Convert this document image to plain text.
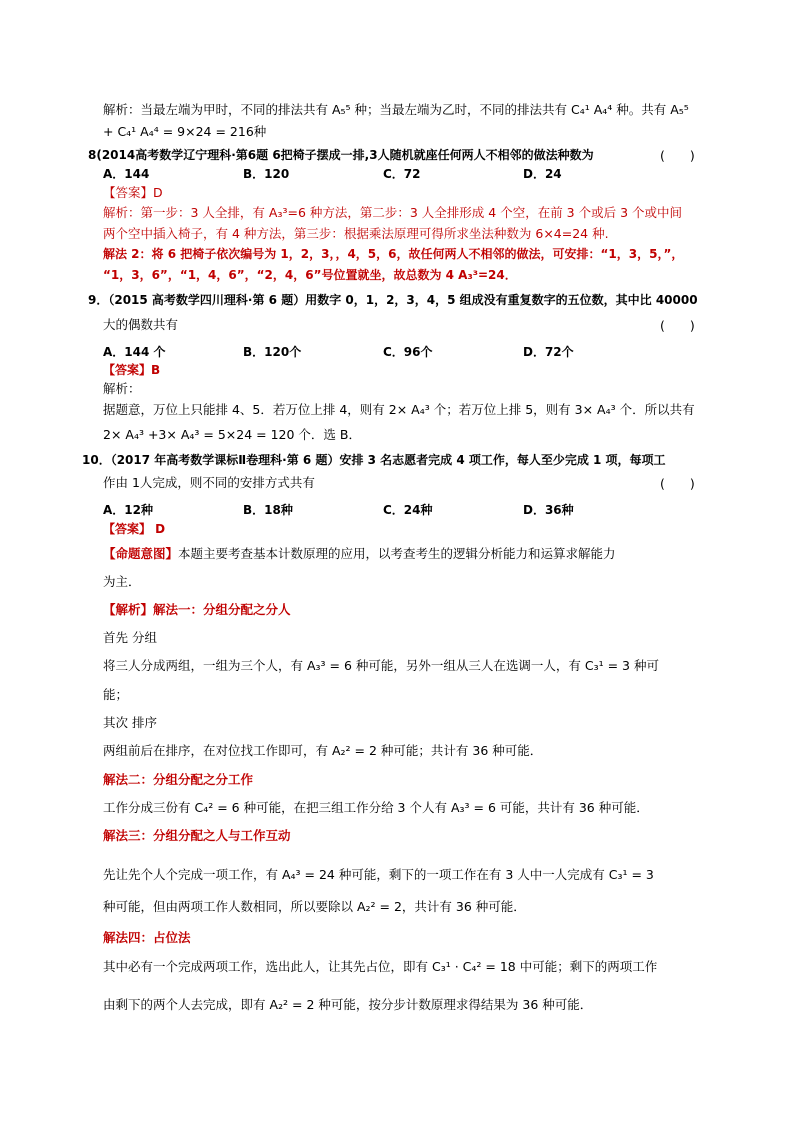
解析：当最左端为甲时，不同的排法共有 A₅⁵ 种；当最左端为乙时，不同的排法共有 C₄¹ A₄⁴ 种。共有 A₅⁵
+ C₄¹ A₄⁴ = 9×24 = 216种
8(2014高考数学辽宁理科·第6题 6把椅子摆成一排,3人随机就座任何两人不相邻的做法种数为	(　　)
A．144	B．120	C．72	D．24
【答案】D
解析：第一步：3 人全排，有 A₃³=6 种方法，第二步：3 人全排形成 4 个空，在前 3 个或后 3 个或中间
两个空中插入椅子，有 4 种方法，第三步：根据乘法原理可得所求坐法种数为 6×4=24 种.
解法 2：将 6 把椅子依次编号为 1，2，3，，4，5，6，故任何两人不相邻的做法，可安排：“1，3，5，”，
“1，3，6”，“1，4，6”，“2，4，6”号位置就坐，故总数为 4 A₃³=24．
9．（2015 高考数学四川理科·第 6 题）用数字 0，1，2，3，4，5 组成没有重复数字的五位数，其中比 40000
大的偶数共有	(　　)
A．144 个	B．120个	C．96个	D．72个
【答案】B
解析：
据题意，万位上只能排 4、5．若万位上排 4，则有 2× A₄³ 个；若万位上排 5，则有 3× A₄³ 个．所以共有
2× A₄³ +3× A₄³ = 5×24 = 120 个．选 B．
10．（2017 年高考数学课标Ⅱ卷理科·第 6 题）安排 3 名志愿者完成 4 项工作，每人至少完成 1 项，每项工
作由 1人完成，则不同的安排方式共有	(　　)
A．12种	B．18种	C．24种	D．36种
【答案】 D
【命题意图】本题主要考查基本计数原理的应用，以考查考生的逻辑分析能力和运算求解能力
为主．
【解析】解法一：分组分配之分人
首先 分组
将三人分成两组，一组为三个人，有 A₃³ = 6 种可能，另外一组从三人在选调一人，有 C₃¹ = 3 种可
能；
其次 排序
两组前后在排序，在对位找工作即可，有 A₂² = 2 种可能；共计有 36 种可能．
解法二：分组分配之分工作
工作分成三份有 C₄² = 6 种可能，在把三组工作分给 3 个人有 A₃³ = 6 可能，共计有 36 种可能．
解法三：分组分配之人与工作互动
先让先个人个完成一项工作，有 A₄³ = 24 种可能，剩下的一项工作在有 3 人中一人完成有 C₃¹ = 3
种可能，但由两项工作人数相同，所以要除以 A₂² = 2，共计有 36 种可能．
解法四：占位法
其中必有一个完成两项工作，选出此人，让其先占位，即有 C₃¹ · C₄² = 18 中可能；剩下的两项工作
由剩下的两个人去完成，即有 A₂² = 2 种可能，按分步计数原理求得结果为 36 种可能．
